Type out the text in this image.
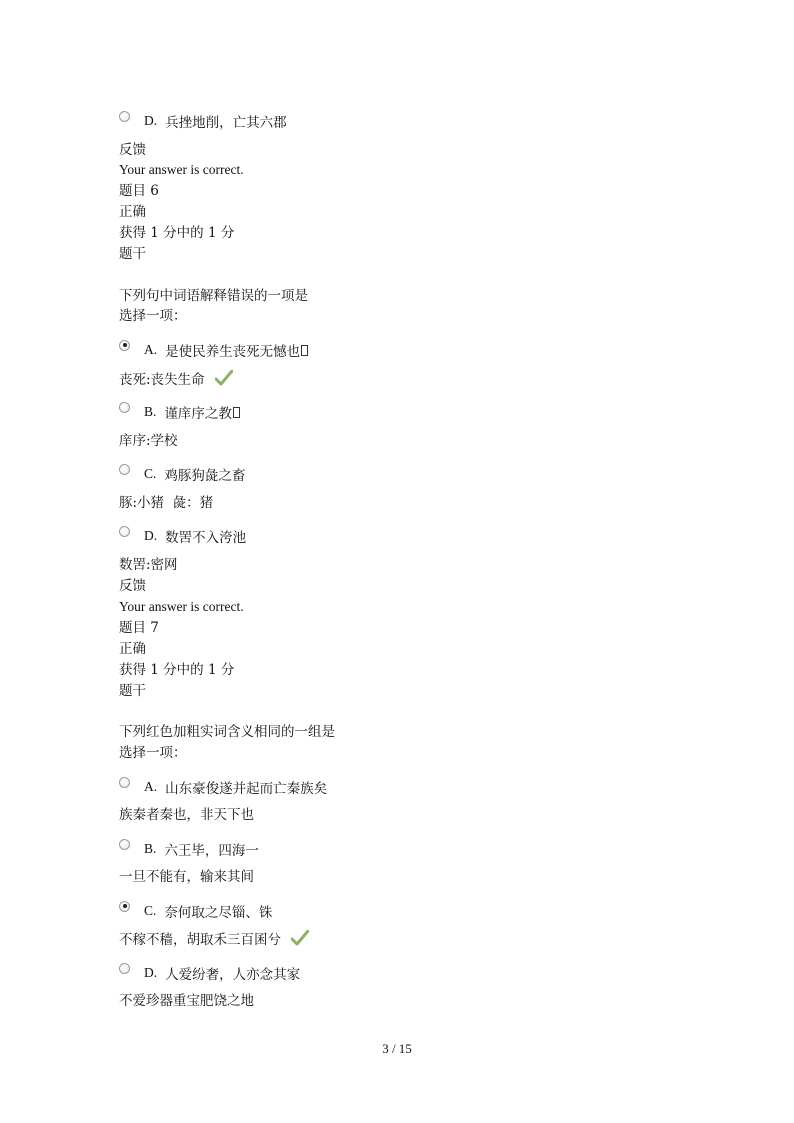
D. 兵挫地削，亡其六郡
反馈
Your answer is correct.
题目 6
正确
获得 1 分中的 1 分
题干
下列句中词语解释错误的一项是
选择一项：
A. 是使民养生丧死无憾也
丧死:丧失生命
B. 谨庠序之教
庠序:学校
C. 鸡豚狗彘之畜
豚:小猪  彘：猪
D. 数罟不入洿池
数罟:密网
反馈
Your answer is correct.
题目 7
正确
获得 1 分中的 1 分
题干
下列红色加粗实词含义相同的一组是
选择一项：
A. 山东豪俊遂并起而亡秦族矣
族秦者秦也，非天下也
B. 六王毕，四海一
一旦不能有，输来其间
C. 奈何取之尽锱、铢
不稼不穑，胡取禾三百囷兮
D. 人爱纷奢，人亦念其家
不爱珍器重宝肥饶之地
3 / 15
